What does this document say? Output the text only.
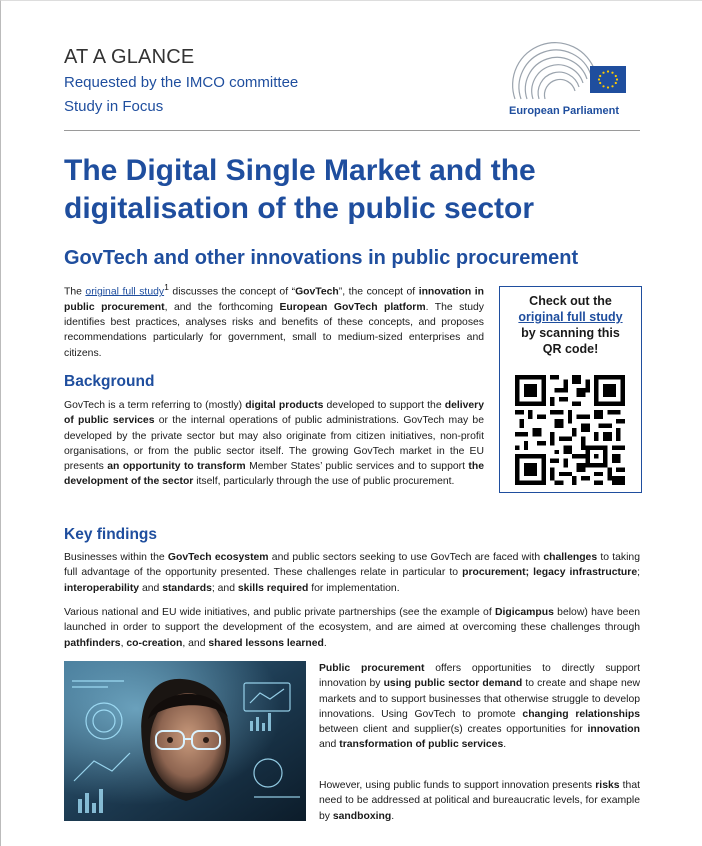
AT A GLANCE
Requested by the IMCO committee
Study in Focus	European Parliament
The Digital Single Market and the digitalisation of the public sector
GovTech and other innovations in public procurement

The original full study$^1$ discusses the concept of “GovTech”, the concept of innovation in public procurement, and the forthcoming European GovTech platform. The study identifies best practices, analyses risks and benefits of these concepts, and proposes recommendations particularly for government, small to medium-sized enterprises and citizens.

Check out the
original full study
by scanning this
QR code!
Background

GovTech is a term referring to (mostly) digital products developed to support the delivery of public services or the internal operations of public administrations. GovTech may be developed by the private sector but may also originate from citizen initiatives, non-profit organisations, or from the public sector itself. The growing GovTech market in the EU presents an opportunity to transform Member States’ public services and to support the development of the sector itself, particularly through the use of public procurement.

Key findings

Businesses within the GovTech ecosystem and public sectors seeking to use GovTech are faced with challenges to taking full advantage of the opportunity presented. These challenges relate in particular to procurement; legacy infrastructure; interoperability and standards; and skills required for implementation.

Various national and EU wide initiatives, and public private partnerships (see the example of Digicampus below) have been launched in order to support the development of the ecosystem, and are aimed at overcoming these challenges through pathfinders, co-creation, and shared lessons learned.

Public procurement offers opportunities to directly support innovation by using public sector demand to create and shape new markets and to support businesses that otherwise struggle to develop innovations. Using GovTech to promote changing relationships between client and supplier(s) creates opportunities for innovation and transformation of public services.

However, using public funds to support innovation presents risks that need to be addressed at political and bureaucratic levels, for example by sandboxing.
